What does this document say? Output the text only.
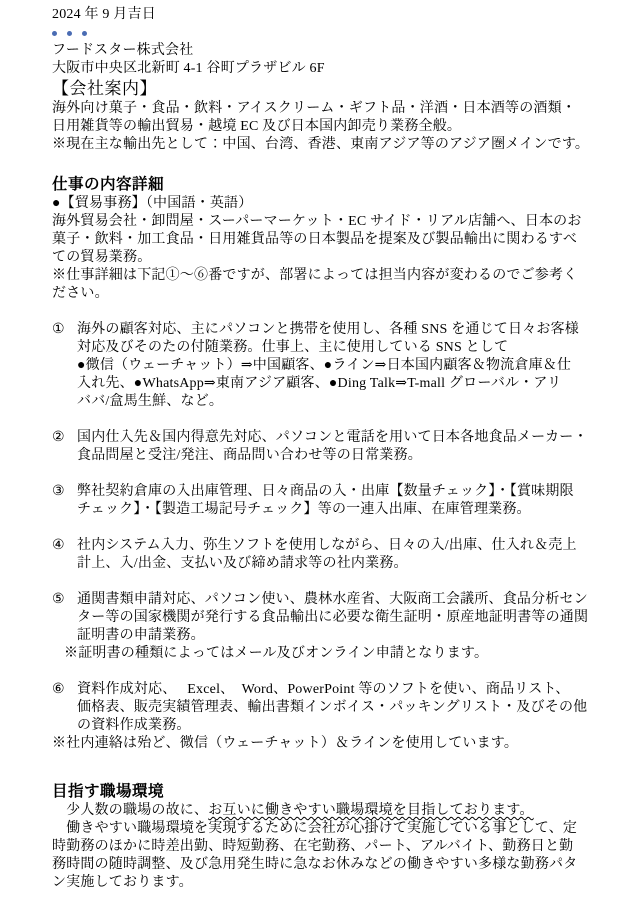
2024 年 9 月吉日
フードスター株式会社
大阪市中央区北新町 4-1 谷町プラザビル 6F
【会社案内】
海外向け菓子・食品・飲料・アイスクリーム・ギフト品・洋酒・日本酒等の酒類・
日用雑貨等の輸出貿易・越境 EC 及び日本国内卸売り業務全般。
※現在主な輸出先として：中国、台湾、香港、東南アジア等のアジア圏メインです。
仕事の内容詳細
●【貿易事務】（中国語・英語）
海外貿易会社・卸問屋・スーパーマーケット・EC サイド・リアル店舗へ、日本のお
菓子・飲料・加工食品・日用雑貨品等の日本製品を提案及び製品輸出に関わるすべ
ての貿易業務。
※仕事詳細は下記①～⑥番ですが、部署によっては担当内容が変わるのでご参考く
ださい。
① 海外の顧客対応、主にパソコンと携帯を使用し、各種 SNS を通じて日々お客様
対応及びそのたの付随業務。仕事上、主に使用している SNS として
●微信（ウェーチャット）⇒中国顧客、●ライン⇒日本国内顧客＆物流倉庫＆仕
入れ先、●WhatsApp⇒東南アジア顧客、●Ding Talk⇒T-mall グローバル・アリ
ババ/盒馬生鮮、など。
② 国内仕入先＆国内得意先対応、パソコンと電話を用いて日本各地食品メーカー・
食品問屋と受注/発注、商品問い合わせ等の日常業務。
③ 弊社契約倉庫の入出庫管理、日々商品の入・出庫【数量チェック】・【賞味期限
チェック】・【製造工場記号チェック】等の一連入出庫、在庫管理業務。
④ 社内システム入力、弥生ソフトを使用しながら、日々の入/出庫、仕入れ＆売上
計上、入/出金、支払い及び締め請求等の社内業務。
⑤ 通関書類申請対応、パソコン使い、農林水産省、大阪商工会議所、食品分析セン
ター等の国家機関が発行する食品輸出に必要な衛生証明・原産地証明書等の通関
証明書の申請業務。
※証明書の種類によってはメール及びオンライン申請となります。
⑥ 資料作成対応、　 Excel、　Word、PowerPoint 等のソフトを使い、商品リスト、
価格表、販売実績管理表、輸出書類インボイス・パッキングリスト・及びその他
の資料作成業務。
※社内連絡は殆ど、微信（ウェーチャット）＆ラインを使用しています。
目指す職場環境
　少人数の職場の故に、お互いに働きやすい職場環境を目指しております。
　働きやすい職場環境を実現するために会社が心掛けて実施している事として、定
時勤務のほかに時差出勤、時短勤務、在宅勤務、パート、アルバイト、勤務日と勤
務時間の随時調整、及び急用発生時に急なお休みなどの働きやすい多様な勤務パタ
ン実施しております。
